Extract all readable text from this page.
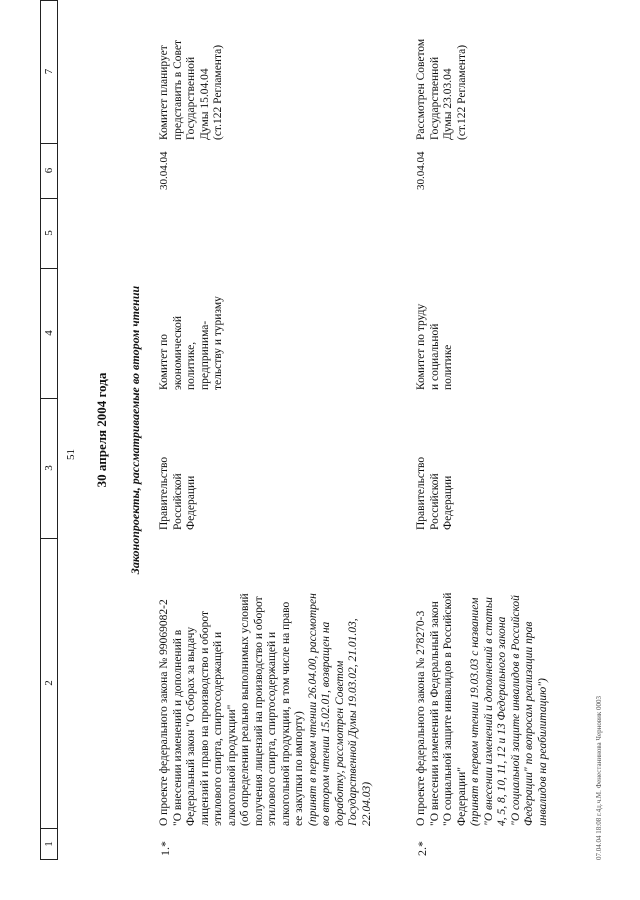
1
2
3
4
5
6
7
51 30 апреля 2004 года Законопроекты, рассматриваемые во втором чтении
1.*
О проекте федерального закона № 99069082-2 "О внесении изменений и дополнений в Федеральный закон "О сборах за выдачу лицензий и право на производство и оборот этилового спирта, спиртосодержащей и алкогольной продукции" (об определении реально выполнимых условий получения лицензий на производство и оборот этилового спирта, спиртосодержащей и алкогольной продукции, в том числе на право ее закупки по импорту) (принят в первом чтении 26.04.00, рассмотрен во втором чтении 15.02.01, возвращен на доработку, рассмотрен Советом Государственной Думы 19.03.02, 21.01.03, 22.04.03)
Правительство Российской Федерации
Комитет по экономической политике, предпринима- тельству и туризму
30.04.04
Комитет планирует представить в Совет Государственной Думы 15.04.04 (ст.122 Регламента)
2.*
О проекте федерального закона № 278270-3 "О внесении изменений в Федеральный закон "О социальной защите инвалидов в Российской Федерации" (принят в первом чтении 19.03.03 с названием "О внесении изменений и дополнений в статьи 4, 5, 8, 10, 11, 12 и 13 Федерального закона "О социальной защите инвалидов в Российской Федерации" по вопросам реализации прав инвалидов на реабилитацию")
Правительство Российской Федерации
Комитет по труду и социальной политике
30.04.04
Рассмотрен Советом Государственной Думы 23.03.04 (ст.122 Регламента)
07.04.04 18:08 г.4д.ч.М. Фенестанинова Черновик 0003
